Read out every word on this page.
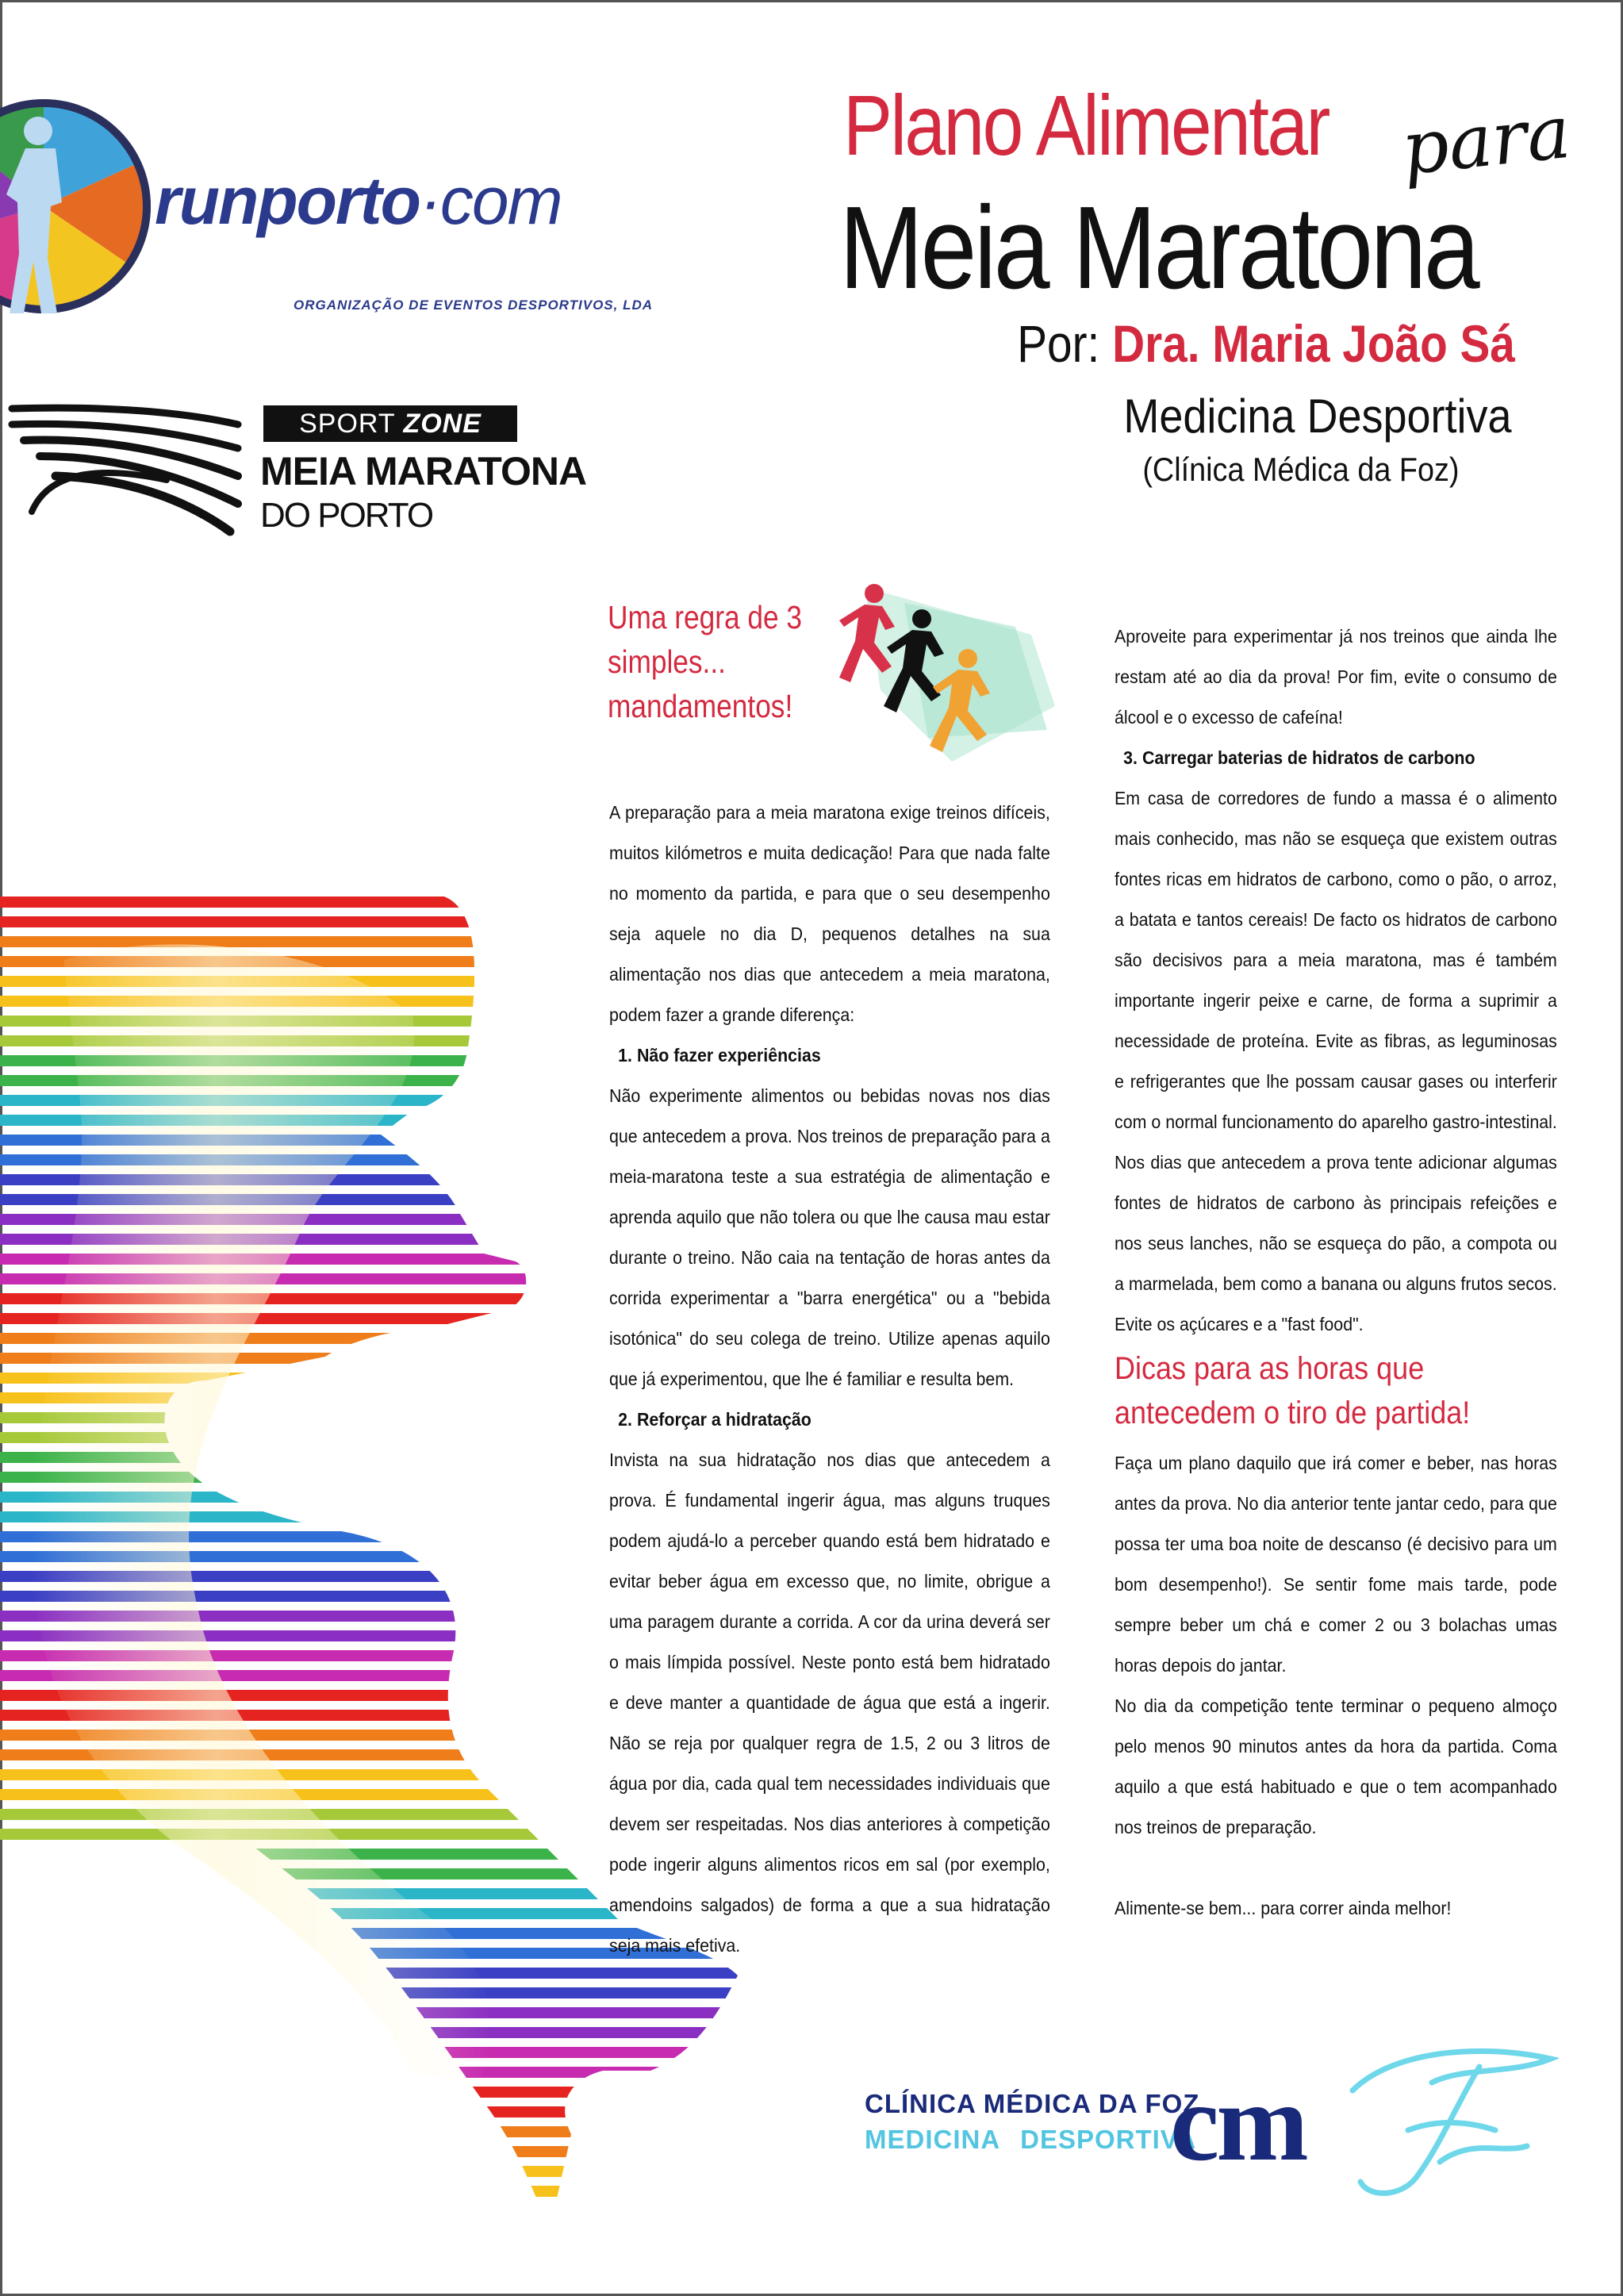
runporto·com
ORGANIZAÇÃO DE EVENTOS DESPORTIVOS, LDA
SPORT ZONE
MEIA MARATONA
DO PORTO
Plano Alimentar para
Meia Maratona
Por: Dra. Maria João Sá
Medicina Desportiva
(Clínica Médica da Foz)
Uma regra de 3 simples... mandamentos!

A preparação para a meia maratona exige treinos difíceis, muitos kilómetros e muita dedicação! Para que nada falte no momento da partida, e para que o seu desempenho seja aquele no dia D, pequenos detalhes na sua alimentação nos dias que antecedem a meia maratona, podem fazer a grande diferença:

1. Não fazer experiências

Não experimente alimentos ou bebidas novas nos dias que antecedem a prova. Nos treinos de preparação para a meia-maratona teste a sua estratégia de alimentação e aprenda aquilo que não tolera ou que lhe causa mau estar durante o treino. Não caia na tentação de horas antes da corrida experimentar a "barra energética" ou a "bebida isotónica" do seu colega de treino. Utilize apenas aquilo que já experimentou, que lhe é familiar e resulta bem.

2. Reforçar a hidratação

Invista na sua hidratação nos dias que antecedem a prova. É fundamental ingerir água, mas alguns truques podem ajudá-lo a perceber quando está bem hidratado e evitar beber água em excesso que, no limite, obrigue a uma paragem durante a corrida. A cor da urina deverá ser o mais límpida possível. Neste ponto está bem hidratado e deve manter a quantidade de água que está a ingerir. Não se reja por qualquer regra de 1.5, 2 ou 3 litros de água por dia, cada qual tem necessidades individuais que devem ser respeitadas. Nos dias anteriores à competição pode ingerir alguns alimentos ricos em sal (por exemplo, amendoins salgados) de forma a que a sua hidratação seja mais efetiva.

Aproveite para experimentar já nos treinos que ainda lhe restam até ao dia da prova! Por fim, evite o consumo de álcool e o excesso de cafeína!

3. Carregar baterias de hidratos de carbono

Em casa de corredores de fundo a massa é o alimento mais conhecido, mas não se esqueça que existem outras fontes ricas em hidratos de carbono, como o pão, o arroz, a batata e tantos cereais! De facto os hidratos de carbono são decisivos para a meia maratona, mas é também importante ingerir peixe e carne, de forma a suprimir a necessidade de proteína. Evite as fibras, as leguminosas e refrigerantes que lhe possam causar gases ou interferir com o normal funcionamento do aparelho gastro-intestinal. Nos dias que antecedem a prova tente adicionar algumas fontes de hidratos de carbono às principais refeições e nos seus lanches, não se esqueça do pão, a compota ou a marmelada, bem como a banana ou alguns frutos secos.

Evite os açúcares e a "fast food".

Dicas para as horas que antecedem o tiro de partida!

Faça um plano daquilo que irá comer e beber, nas horas antes da prova. No dia anterior tente jantar cedo, para que possa ter uma boa noite de descanso (é decisivo para um bom desempenho!). Se sentir fome mais tarde, pode sempre beber um chá e comer 2 ou 3 bolachas umas horas depois do jantar.

No dia da competição tente terminar o pequeno almoço pelo menos 90 minutos antes da hora da partida. Coma aquilo a que está habituado e que o tem acompanhado nos treinos de preparação.

Alimente-se bem... para correr ainda melhor!

CLÍNICA MÉDICA DA FOZ
MEDICINA DESPORTIVA
cm
